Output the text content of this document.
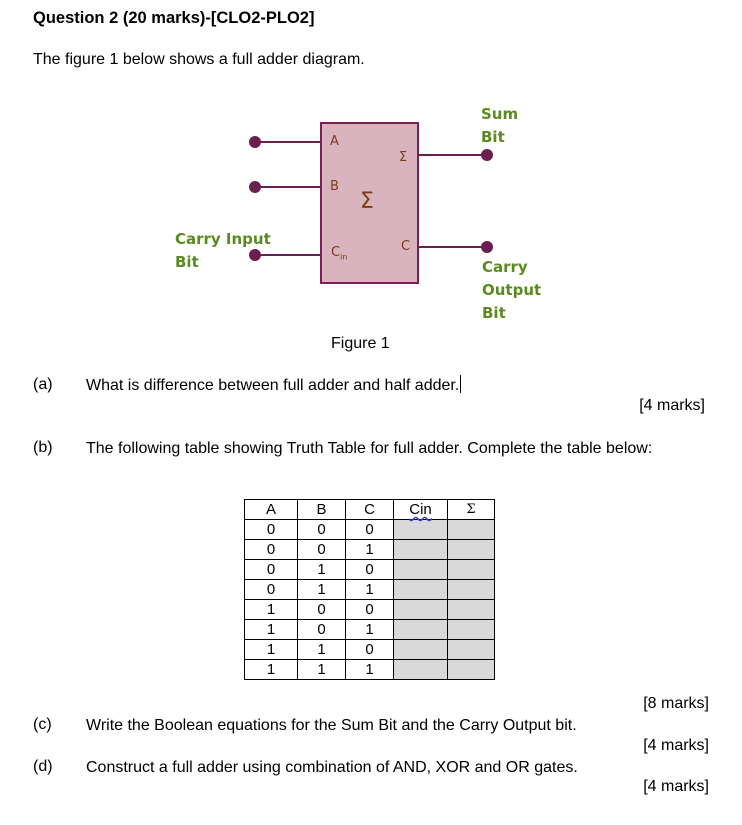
Question 2 (20 marks)-[CLO2-PLO2]
The figure 1 below shows a full adder diagram.
A
B
$C_{in}$
Σ
C
Σ
Sum
Bit
Carry Input
Bit	Carry
Output
Bit
Figure 1
(a) What is difference between full adder and half adder.
[4 marks]
(b) The following table showing Truth Table for full adder. Complete the table below:
A	B	C	Cin	Σ
0	0	0		
0	0	1		
0	1	0		
0	1	1		
1	0	0		
1	0	1		
1	1	0		
1	1	1		
[8 marks]
(c) Write the Boolean equations for the Sum Bit and the Carry Output bit.
[4 marks]
(d) Construct a full adder using combination of AND, XOR and OR gates.
[4 marks]
